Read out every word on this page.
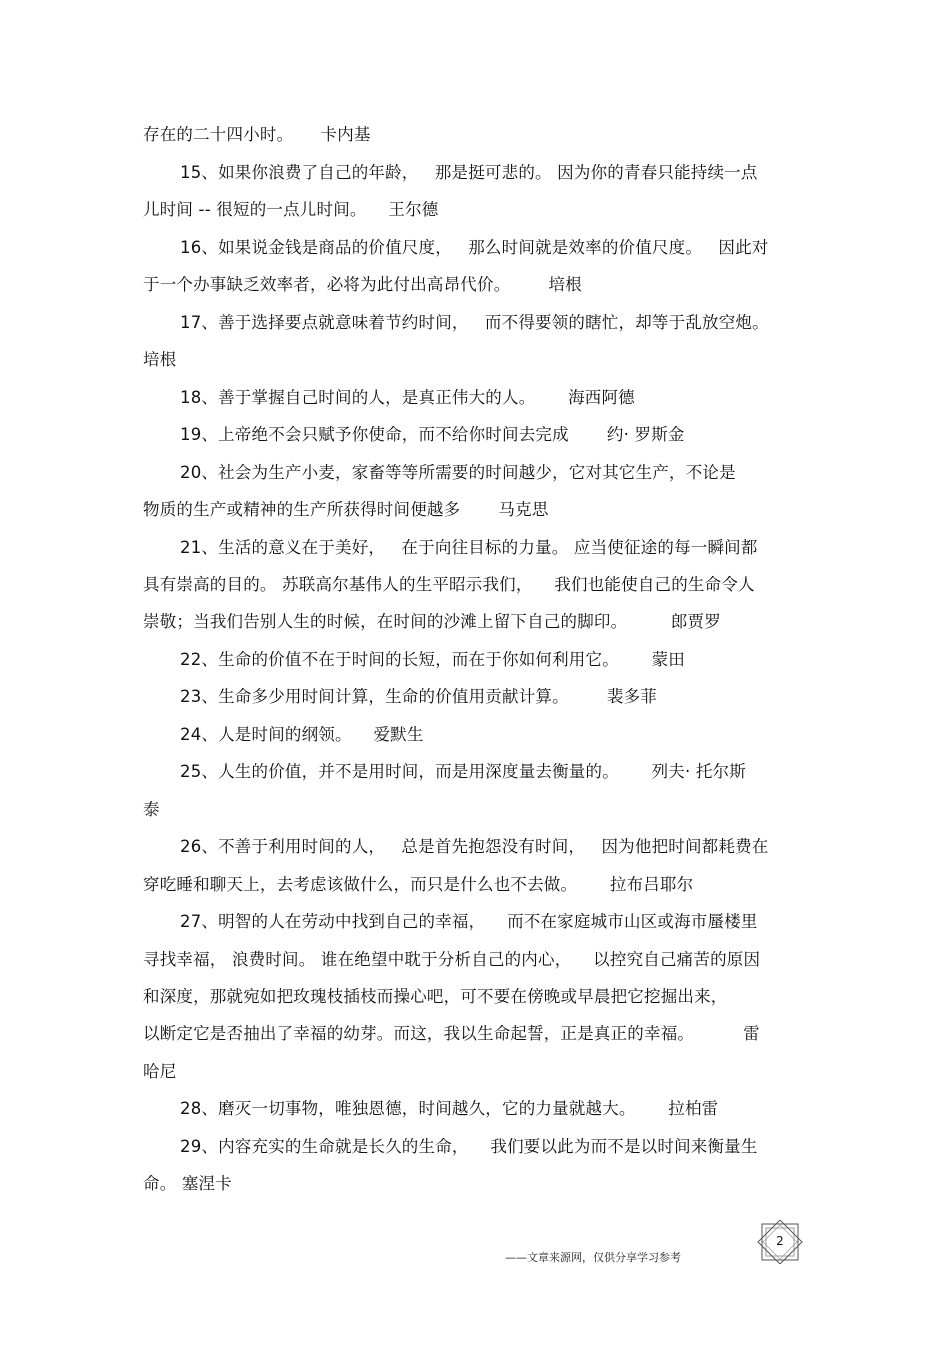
存在的二十四小时。     卡内基
15、如果你浪费了自己的年龄，   那是挺可悲的。 因为你的青春只能持续一点
儿时间 -- 很短的一点儿时间。    王尔德
16、如果说金钱是商品的价值尺度，   那么时间就是效率的价值尺度。   因此对
于一个办事缺乏效率者，必将为此付出高昂代价。       培根
17、善于选择要点就意味着节约时间，   而不得要领的瞎忙，却等于乱放空炮。
培根
18、善于掌握自己时间的人，是真正伟大的人。      海西阿德
19、上帝绝不会只赋予你使命，而不给你时间去完成       约· 罗斯金
20、社会为生产小麦，家畜等等所需要的时间越少，它对其它生产，不论是
物质的生产或精神的生产所获得时间便越多       马克思
21、生活的意义在于美好，   在于向往目标的力量。 应当使征途的每一瞬间都
具有崇高的目的。 苏联高尔基伟人的生平昭示我们，    我们也能使自己的生命令人
崇敬；当我们告别人生的时候，在时间的沙滩上留下自己的脚印。        郎贾罗
22、生命的价值不在于时间的长短，而在于你如何利用它。      蒙田
23、生命多少用时间计算，生命的价值用贡献计算。       裴多菲
24、人是时间的纲领。    爱默生
25、人生的价值，并不是用时间，而是用深度量去衡量的。      列夫· 托尔斯
泰
26、不善于利用时间的人，   总是首先抱怨没有时间，   因为他把时间都耗费在
穿吃睡和聊天上，去考虑该做什么，而只是什么也不去做。      拉布吕耶尔
27、明智的人在劳动中找到自己的幸福，    而不在家庭城市山区或海市蜃楼里
寻找幸福， 浪费时间。 谁在绝望中耽于分析自己的内心，    以控究自己痛苦的原因
和深度，那就宛如把玫瑰枝插枝而操心吧，可不要在傍晚或早晨把它挖掘出来，
以断定它是否抽出了幸福的幼芽。而这，我以生命起誓，正是真正的幸福。         雷
哈尼
28、磨灭一切事物，唯独恩德，时间越久，它的力量就越大。      拉柏雷
29、内容充实的生命就是长久的生命，    我们要以此为而不是以时间来衡量生
命。 塞涅卡
2
——文章来源网，仅供分享学习参考
